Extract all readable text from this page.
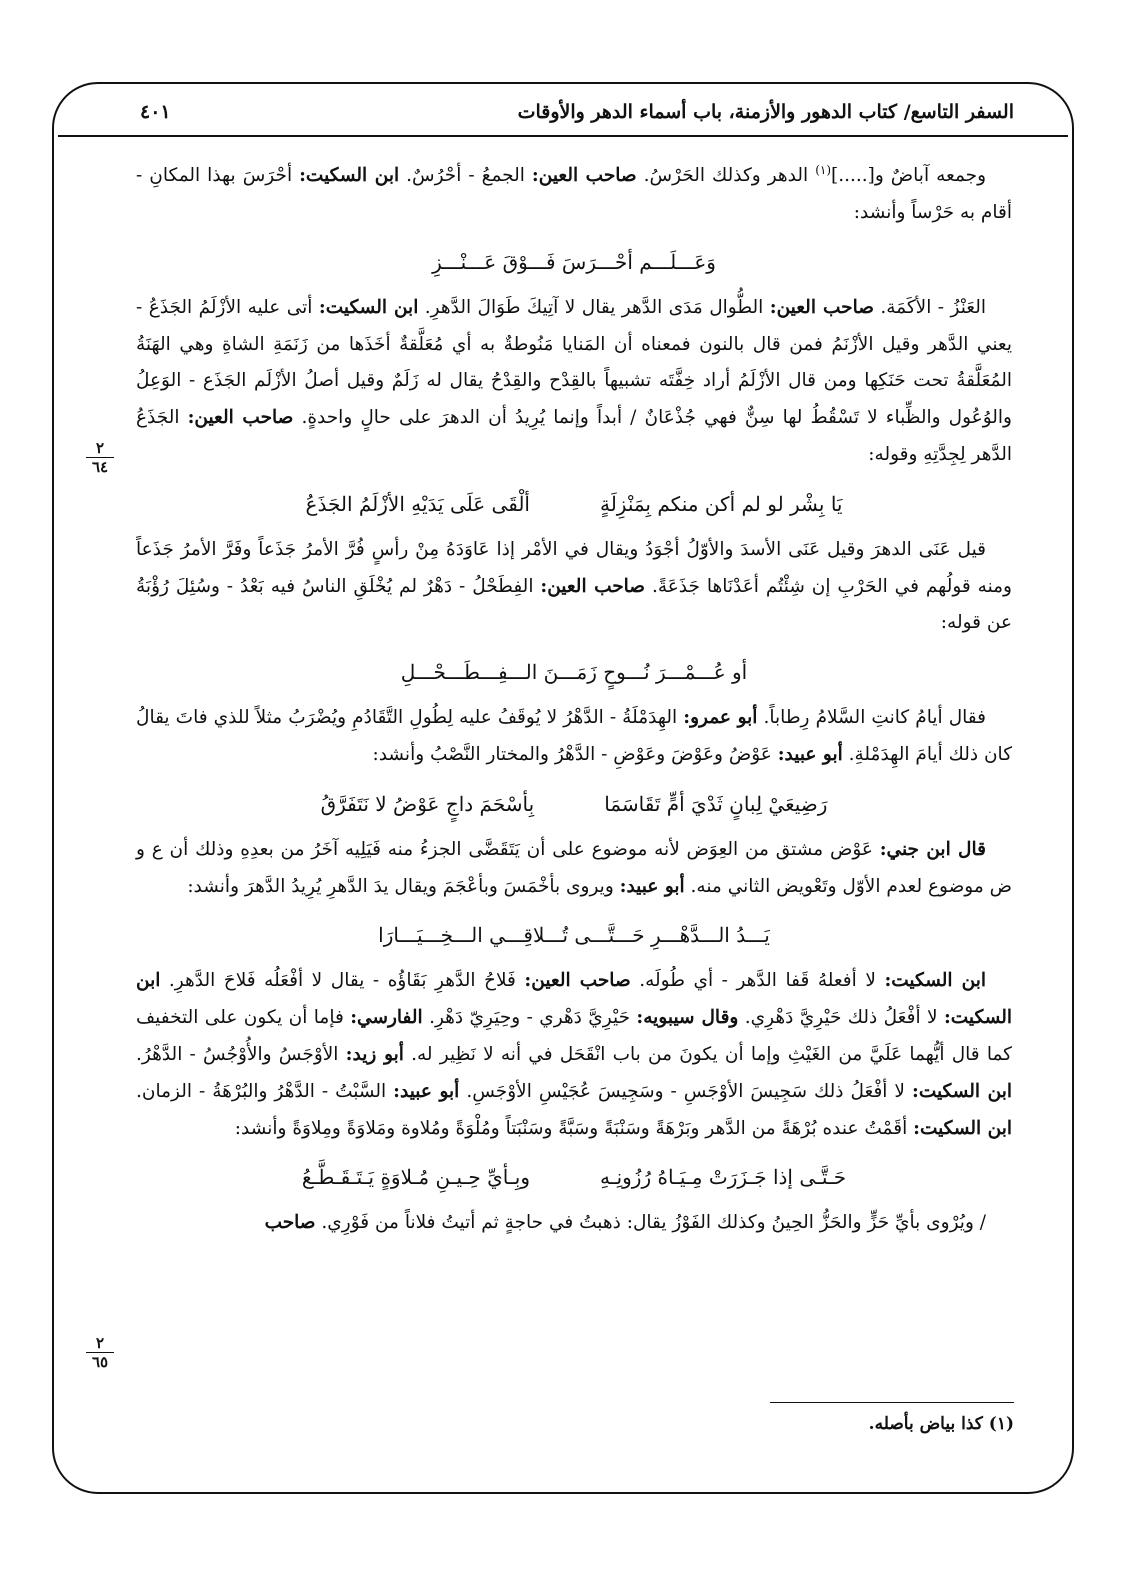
السفر التاسع/ كتاب الدهور والأزمنة، باب أسماء الدهر والأوقات
٤٠١

وجمعه آباضٌ و[.....]$^{(١)}$ الدهر وكذلك الحَرْسُ. صاحب العين: الجمعُ - أحْرُسٌ. ابن السكيت: أحْرَسَ بهذا المكانِ - أقام به حَرْساً وأنشد:

وَعَـــلَـــم أحْـــرَسَ فَـــوْقَ عَـــنْـــزِ

العَنْزُ - الأكَمَة. صاحب العين: الطُّوال مَدَى الدَّهر يقال لا آتِيكَ طَوَالَ الدَّهرِ. ابن السكيت: أتى عليه الأزْلَمُ الجَذَعُ - يعني الدَّهر وقيل الأزْنَمُ فمن قال بالنون فمعناه أن المَنايا مَنُوطةٌ به أي مُعَلَّقةٌ أخَذَها من زَنَمَةِ الشاةِ وهي الهَنَةُ المُعَلَّقةُ تحت حَنَكِها ومن قال الأزْلَمُ أراد خِفَّتَه تشبيهاً بالقِدْح والقِدْحُ يقال له زَلَمٌ وقيل أصلُ الأزْلَم الجَذَع - الوَعِلُ والوُعُول والظِّباء لا تَسْقُطُ لها سِنٌّ فهي جُذْعَانٌ / أبداً وإنما يُرِيدُ أن الدهرَ على حالٍ واحدةٍ. صاحب العين: الجَذَعُ الدَّهر لِجِدَّتِهِ وقوله:

يَا بِشْر لو لم أكن منكم بِمَنْزِلَةٍ
ألْقَى عَلَى يَدَيْهِ الأزْلَمُ الجَذَعُ

قيل عَنَى الدهرَ وقيل عَنَى الأسدَ والأوّلُ أجْوَدُ ويقال في الأمْر إذا عَاوَدَهُ مِنْ رأسٍ فُرَّ الأمرُ جَذَعاً وفَرَّ الأمرُ جَذَعاً ومنه قولُهم في الحَرْبِ إن شِئْتُم أعَدْنَاها جَذَعَةً. صاحب العين: الفِطَحْلُ - دَهْرٌ لم يُخْلَقِ الناسُ فيه بَعْدُ - وسُئِلَ رُؤْبَةُ عن قوله:

أو عُـــمْـــرَ نُـــوحٍ زَمَـــنَ الـــفِـــطَـــحْـــلِ

فقال أيامُ كانتِ السَّلامُ رِطاباً. أبو عمرو: الهِدَمْلَةُ - الدَّهْرُ لا يُوقَفُ عليه لِطُولِ التَّقَادُمِ ويُضْرَبُ مثلاً للذي فاتَ يقالُ كان ذلك أيامَ الهِدَمْلةِ. أبو عبيد: عَوْضُ وعَوْضَ وعَوْضِ - الدَّهْرُ والمختار النَّصْبُ وأنشد:

رَضِيعَيْ لِبانٍ ثَدْيَ أمٍّ تَقَاسَمَا
بِأسْحَمَ داجٍ عَوْضُ لا نَتَفَرَّقُ

قال ابن جني: عَوْض مشتق من العِوَض لأنه موضوع على أن يَتَقَضَّى الجزءُ منه فَيَلِيه آخَرُ من بعدِهِ وذلك أن ع و ض موضوع لعدم الأوّل وتَعْويض الثاني منه. أبو عبيد: ويروى بأخْمَسَ وبأعْجَمَ ويقال يدَ الدَّهرِ يُرِيدُ الدَّهرَ وأنشد:

يَـــدُ الـــدَّهْـــرِ حَـــتَّـــى تُـــلاقِـــي الـــخِـــيَـــارَا

ابن السكيت: لا أفعلهُ قَفا الدَّهر - أي طُولَه. صاحب العين: فَلاحُ الدَّهرِ بَقَاؤُه - يقال لا أفْعَلُه فَلاحَ الدَّهرِ. ابن السكيت: لا أفْعَلُ ذلك حَيْرِيَّ دَهْرِي. وقال سيبويه: حَيْرِيَّ دَهْري - وحِيَرِيّ دَهْرِ. الفارسي: فإما أن يكون على التخفيف كما قال أيُّهما عَلَيَّ من الغَيْثِ وإما أن يكونَ من باب انْقَحَل في أنه لا نَظِير له. أبو زيد: الأوْجَسُ والأُوْجُسُ - الدَّهْرُ. ابن السكيت: لا أفْعَلُ ذلك سَجِيسَ الأوْجَسِ - وسَجِيسَ عُجَيْسِ الأوْجَسِ. أبو عبيد: السَّبْتُ - الدَّهْرُ والبُرْهَةُ - الزمان. ابن السكيت: أقَمْتُ عنده بُرْهَةً من الدَّهر وبَرْهَةً وسَنْبَةً وسَبَّةً وسَنْبَتاً ومُلْوَةً ومُلاوة ومَلاوَةً ومِلاوَةً وأنشد:

حَـتَّـى إذا جَـزَرَتْ مِـيَـاهُ رُزُونِـهِ
وبِـأيِّ حِـيـنِ مُـلاوَةٍ يَـتَـقَـطَّـعُ

/ ويُرْوى بأيِّ حَزٍّ والحَزُّ الحِينُ وكذلك الفَوْزُ يقال: ذهبتُ في حاجةٍ ثم أتيتُ فلاناً من فَوْرِي. صاحب

٢
٦٤
٢
٦٥
(١) كذا بياض بأصله.
